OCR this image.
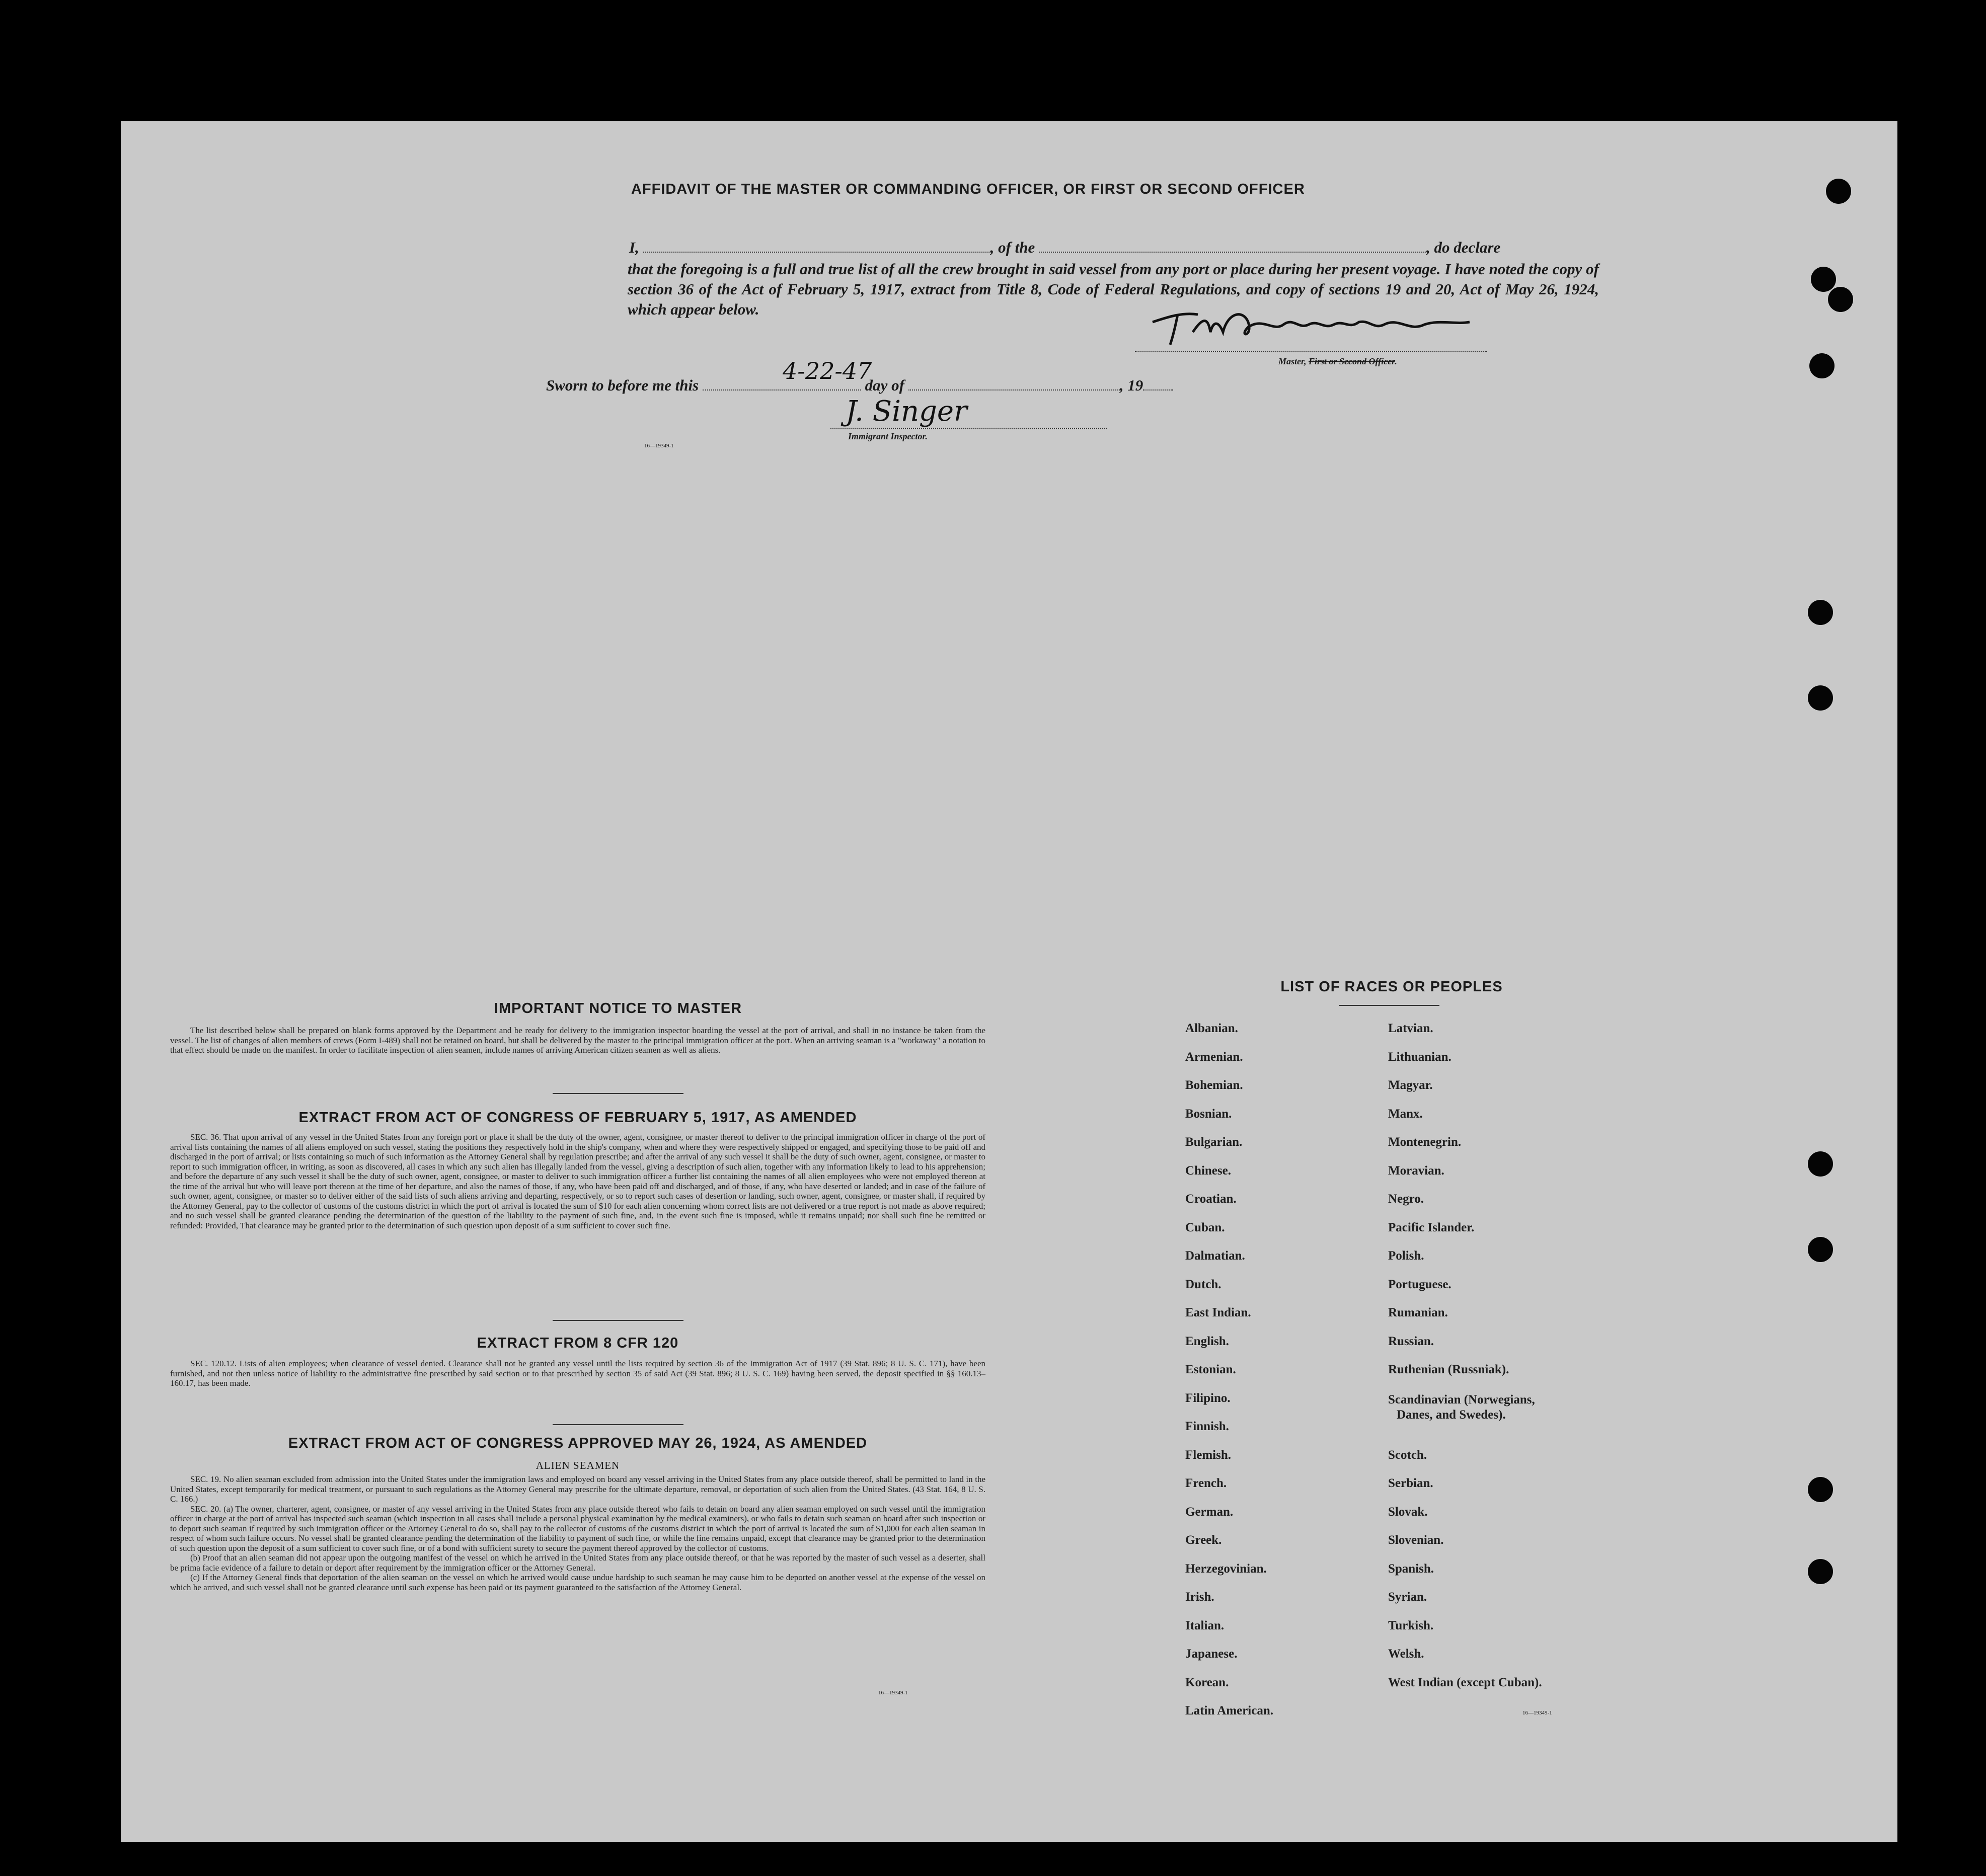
AFFIDAVIT OF THE MASTER OR COMMANDING OFFICER, OR FIRST OR SECOND OFFICER
I,	, of the	, do declare
that the foregoing is a full and true list of all the crew brought in said vessel from any port or place during her present voyage. I have noted the copy of section 36 of the Act of February 5, 1917, extract from Title 8, Code of Federal Regulations, and copy of sections 19 and 20, Act of May 26, 1924, which appear below.
Master, First or Second Officer.
Sworn to before me this	day of	, 19
4-22-47
J. Singer
Immigrant Inspector.
16—19349-1
IMPORTANT NOTICE TO MASTER

The list described below shall be prepared on blank forms approved by the Department and be ready for delivery to the immigration inspector boarding the vessel at the port of arrival, and shall in no instance be taken from the vessel. The list of changes of alien members of crews (Form I-489) shall not be retained on board, but shall be delivered by the master to the principal immigration officer at the port. When an arriving seaman is a "workaway" a notation to that effect should be made on the manifest. In order to facilitate inspection of alien seamen, include names of arriving American citizen seamen as well as aliens.

EXTRACT FROM ACT OF CONGRESS OF FEBRUARY 5, 1917, AS AMENDED

SEC. 36. That upon arrival of any vessel in the United States from any foreign port or place it shall be the duty of the owner, agent, consignee, or master thereof to deliver to the principal immigration officer in charge of the port of arrival lists containing the names of all aliens employed on such vessel, stating the positions they respectively hold in the ship's company, when and where they were respectively shipped or engaged, and specifying those to be paid off and discharged in the port of arrival; or lists containing so much of such information as the Attorney General shall by regulation prescribe; and after the arrival of any such vessel it shall be the duty of such owner, agent, consignee, or master to report to such immigration officer, in writing, as soon as discovered, all cases in which any such alien has illegally landed from the vessel, giving a description of such alien, together with any information likely to lead to his apprehension; and before the departure of any such vessel it shall be the duty of such owner, agent, consignee, or master to deliver to such immigration officer a further list containing the names of all alien employees who were not employed thereon at the time of the arrival but who will leave port thereon at the time of her departure, and also the names of those, if any, who have been paid off and discharged, and of those, if any, who have deserted or landed; and in case of the failure of such owner, agent, consignee, or master so to deliver either of the said lists of such aliens arriving and departing, respectively, or so to report such cases of desertion or landing, such owner, agent, consignee, or master shall, if required by the Attorney General, pay to the collector of customs of the customs district in which the port of arrival is located the sum of $10 for each alien concerning whom correct lists are not delivered or a true report is not made as above required; and no such vessel shall be granted clearance pending the determination of the question of the liability to the payment of such fine, and, in the event such fine is imposed, while it remains unpaid; nor shall such fine be remitted or refunded: Provided, That clearance may be granted prior to the determination of such question upon deposit of a sum sufficient to cover such fine.

EXTRACT FROM 8 CFR 120

SEC. 120.12. Lists of alien employees; when clearance of vessel denied. Clearance shall not be granted any vessel until the lists required by section 36 of the Immigration Act of 1917 (39 Stat. 896; 8 U. S. C. 171), have been furnished, and not then unless notice of liability to the administrative fine prescribed by said section or to that prescribed by section 35 of said Act (39 Stat. 896; 8 U. S. C. 169) having been served, the deposit specified in §§ 160.13–160.17, has been made.

EXTRACT FROM ACT OF CONGRESS APPROVED MAY 26, 1924, AS AMENDED
ALIEN SEAMEN

SEC. 19. No alien seaman excluded from admission into the United States under the immigration laws and employed on board any vessel arriving in the United States from any place outside thereof, shall be permitted to land in the United States, except temporarily for medical treatment, or pursuant to such regulations as the Attorney General may prescribe for the ultimate departure, removal, or deportation of such alien from the United States. (43 Stat. 164, 8 U. S. C. 166.)

SEC. 20. (a) The owner, charterer, agent, consignee, or master of any vessel arriving in the United States from any place outside thereof who fails to detain on board any alien seaman employed on such vessel until the immigration officer in charge at the port of arrival has inspected such seaman (which inspection in all cases shall include a personal physical examination by the medical examiners), or who fails to detain such seaman on board after such inspection or to deport such seaman if required by such immigration officer or the Attorney General to do so, shall pay to the collector of customs of the customs district in which the port of arrival is located the sum of $1,000 for each alien seaman in respect of whom such failure occurs. No vessel shall be granted clearance pending the determination of the liability to payment of such fine, or while the fine remains unpaid, except that clearance may be granted prior to the determination of such question upon the deposit of a sum sufficient to cover such fine, or of a bond with sufficient surety to secure the payment thereof approved by the collector of customs.

(b) Proof that an alien seaman did not appear upon the outgoing manifest of the vessel on which he arrived in the United States from any place outside thereof, or that he was reported by the master of such vessel as a deserter, shall be prima facie evidence of a failure to detain or deport after requirement by the immigration officer or the Attorney General.

(c) If the Attorney General finds that deportation of the alien seaman on the vessel on which he arrived would cause undue hardship to such seaman he may cause him to be deported on another vessel at the expense of the vessel on which he arrived, and such vessel shall not be granted clearance until such expense has been paid or its payment guaranteed to the satisfaction of the Attorney General.

16—19349-1
LIST OF RACES OR PEOPLES
16—19349-1
Albanian.
Armenian.
Bohemian.
Bosnian.
Bulgarian.
Chinese.
Croatian.
Cuban.
Dalmatian.
Dutch.
East Indian.
English.
Estonian.
Filipino.
Finnish.
Flemish.
French.
German.
Greek.
Herzegovinian.
Irish.
Italian.
Japanese.
Korean.
Latin American.
Latvian.
Lithuanian.
Magyar.
Manx.
Montenegrin.
Moravian.
Negro.
Pacific Islander.
Polish.
Portuguese.
Rumanian.
Russian.
Ruthenian (Russniak).
Scandinavian (Norwegians,
Danes, and Swedes).
Scotch.
Serbian.
Slovak.
Slovenian.
Spanish.
Syrian.
Turkish.
Welsh.
West Indian (except Cuban).
